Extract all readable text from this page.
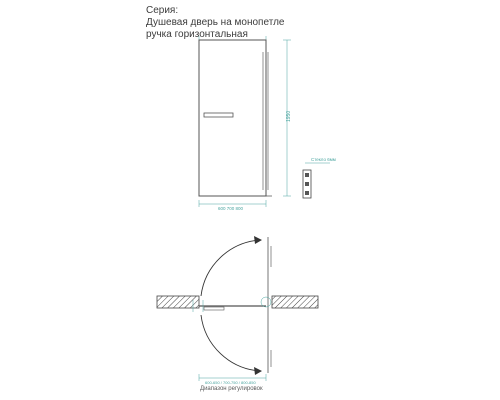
Серия:
Душевая дверь на монопетле
ручка горизонтальная
1950
600 700 800
Стекло 6мм
600-650 / 700-750 / 800-850
Диапазон регулировок
